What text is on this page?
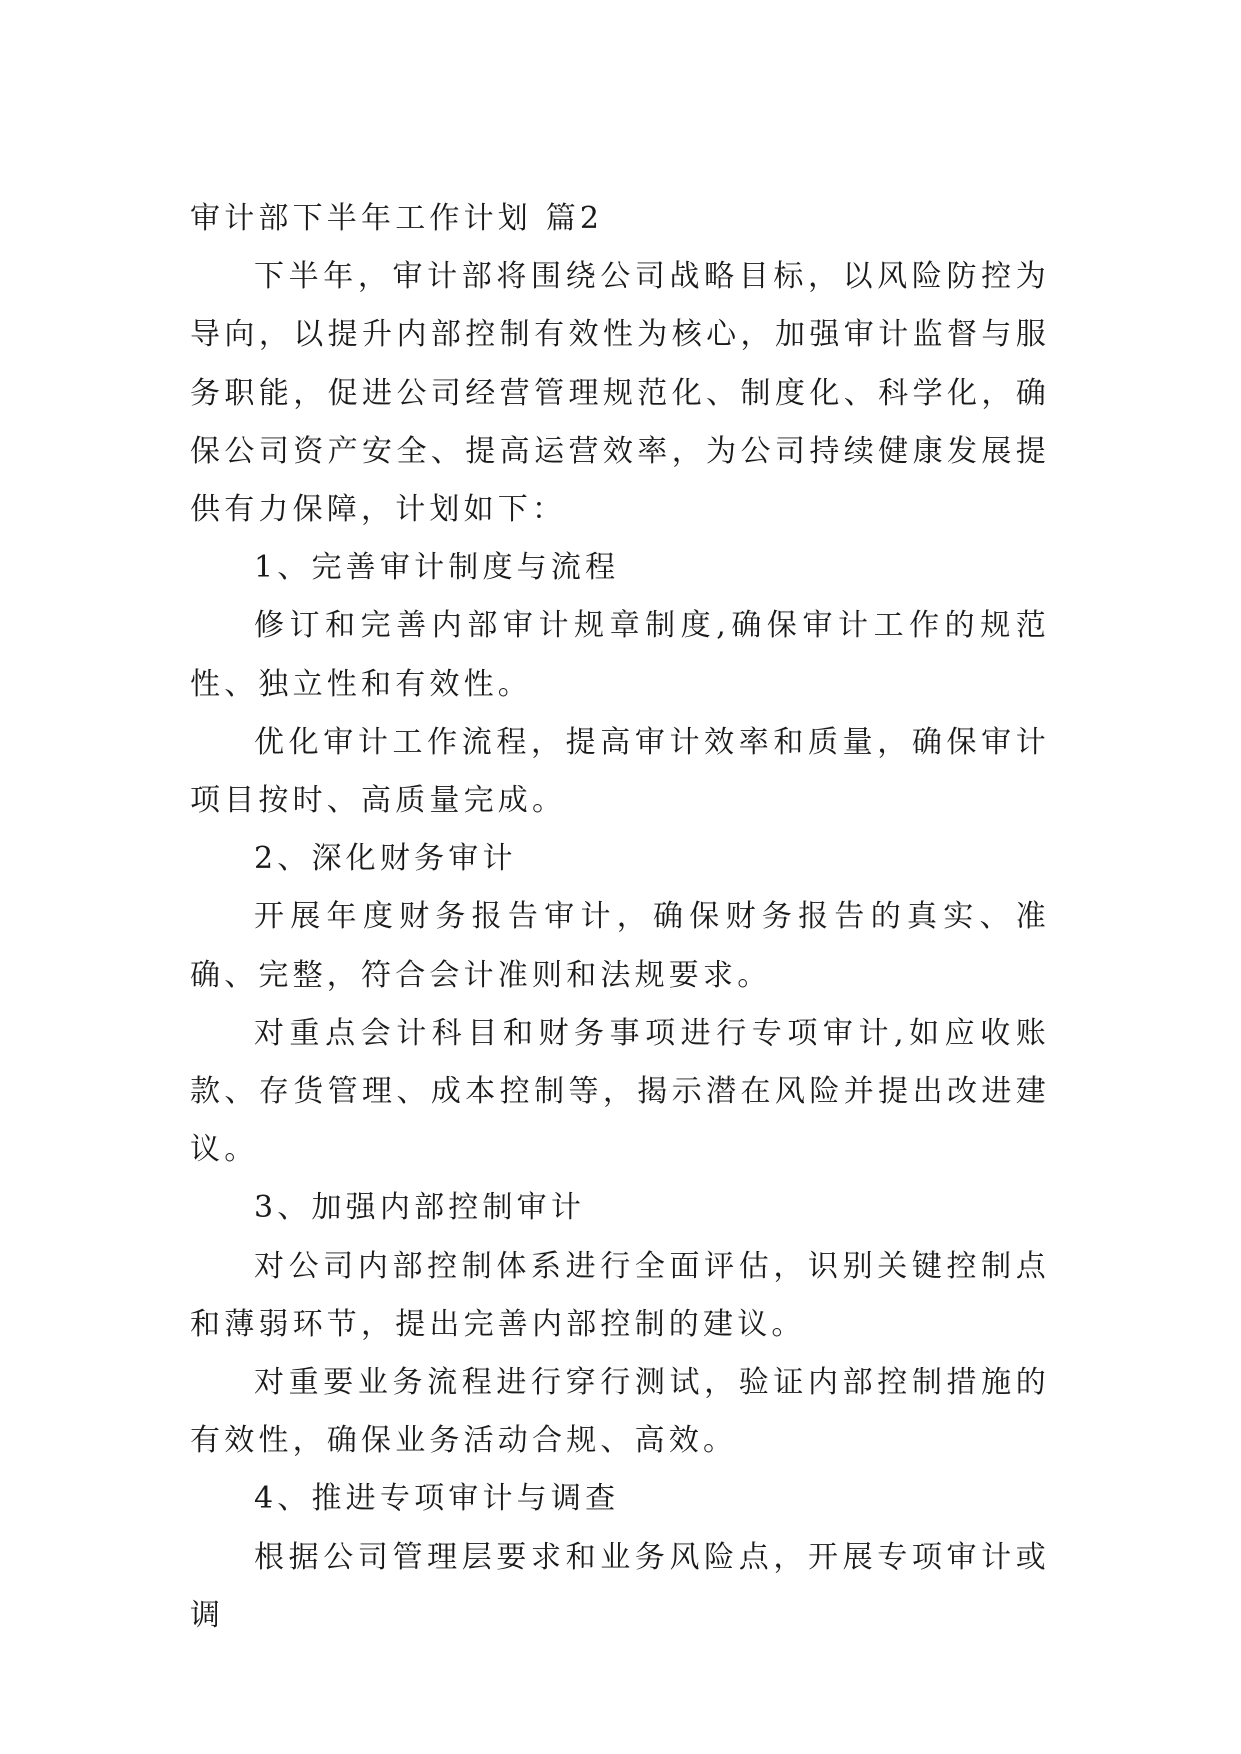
审计部下半年工作计划 篇2

下半年，审计部将围绕公司战略目标，以风险防控为导向，以提升内部控制有效性为核心，加强审计监督与服务职能，促进公司经营管理规范化、制度化、科学化，确保公司资产安全、提高运营效率，为公司持续健康发展提供有力保障，计划如下：

1、完善审计制度与流程

修订和完善内部审计规章制度,确保审计工作的规范性、独立性和有效性。

优化审计工作流程，提高审计效率和质量，确保审计项目按时、高质量完成。

2、深化财务审计

开展年度财务报告审计，确保财务报告的真实、准确、完整，符合会计准则和法规要求。

对重点会计科目和财务事项进行专项审计,如应收账款、存货管理、成本控制等，揭示潜在风险并提出改进建议。

3、加强内部控制审计

对公司内部控制体系进行全面评估，识别关键控制点和薄弱环节，提出完善内部控制的建议。

对重要业务流程进行穿行测试，验证内部控制措施的有效性，确保业务活动合规、高效。

4、推进专项审计与调查

根据公司管理层要求和业务风险点，开展专项审计或调
